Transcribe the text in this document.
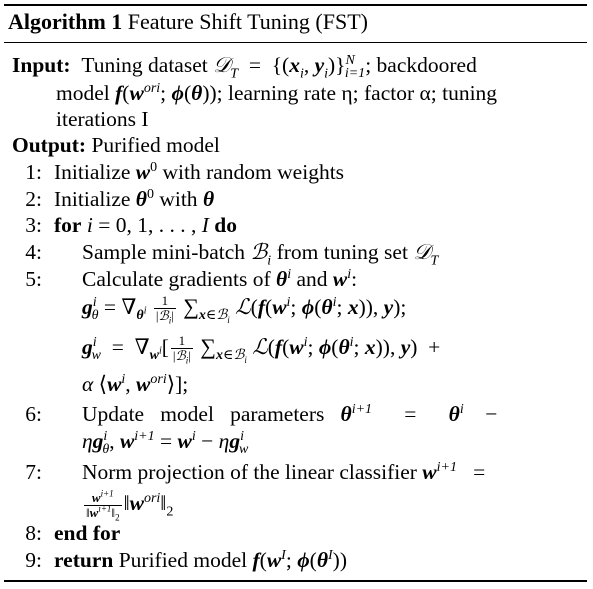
Algorithm 1 Feature Shift Tuning (FST)
Input:  Tuning dataset 𝒟$_T$  =  {($x_i$, $y_i)\}^N_{i=1}$; backdoored
model $f(w^{ori}$; ϕ(θ)); learning rate η; factor α; tuning
iterations I
Output: Purified model
1: Initialize $w^0$ with random weights
2: Initialize $\theta^0$ with θ
3: for i = 0, 1, . . . , I do
4: Sample mini-batch ℬ$_i$ from tuning set 𝒟$_T$
5: Calculate gradients of $\theta^i$ and $w^i$:
$g^i_\theta = \nabla_{\theta^i} \frac{1}{|ℬ_i|} \sum_{x\in ℬ_i}$ $ℒ(f(w^i$; $\phi(\theta^i$; x)), y);
$g^i_w = \nabla_{w^i}[ \frac{1}{|ℬ_i|} \sum_{x\in ℬ_i}$ $ℒ(f(w^i$; $\phi(\theta^i$; x)), y)  +
α $⟨w^i$, $w^{ori}⟩$];
6: Update   model   parameters $\theta^{i+1}$      =      $\theta^i$    −
$\eta g^i_\theta$, $w^{i+1} = w^i - \eta g^i_w$
7: Norm projection of the linear classifier $w^{i+1}$   =
$\frac{w^{i+1}}{‖w^{i+1}‖_2}$ $‖w^{ori}‖_2$
8: end for
9: return Purified model $f(w^I$; $\phi(\theta^I)$)
